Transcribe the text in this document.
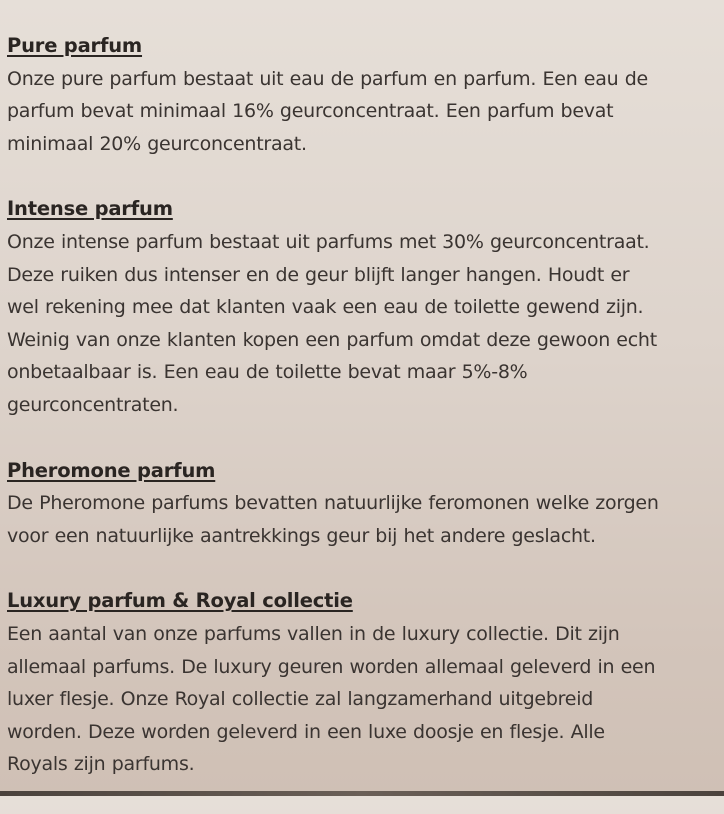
Pure parfum

Onze pure parfum bestaat uit eau de parfum en parfum. Een eau de
parfum bevat minimaal 16% geurconcentraat. Een parfum bevat
minimaal 20% geurconcentraat.

Intense parfum

Onze intense parfum bestaat uit parfums met 30% geurconcentraat.
Deze ruiken dus intenser en de geur blijft langer hangen. Houdt er
wel rekening mee dat klanten vaak een eau de toilette gewend zijn.
Weinig van onze klanten kopen een parfum omdat deze gewoon echt
onbetaalbaar is. Een eau de toilette bevat maar 5%-8%
geurconcentraten.

Pheromone parfum

De Pheromone parfums bevatten natuurlijke feromonen welke zorgen
voor een natuurlijke aantrekkings geur bij het andere geslacht.

Luxury parfum & Royal collectie

Een aantal van onze parfums vallen in de luxury collectie. Dit zijn
allemaal parfums. De luxury geuren worden allemaal geleverd in een
luxer flesje. Onze Royal collectie zal langzamerhand uitgebreid
worden. Deze worden geleverd in een luxe doosje en flesje. Alle
Royals zijn parfums.
